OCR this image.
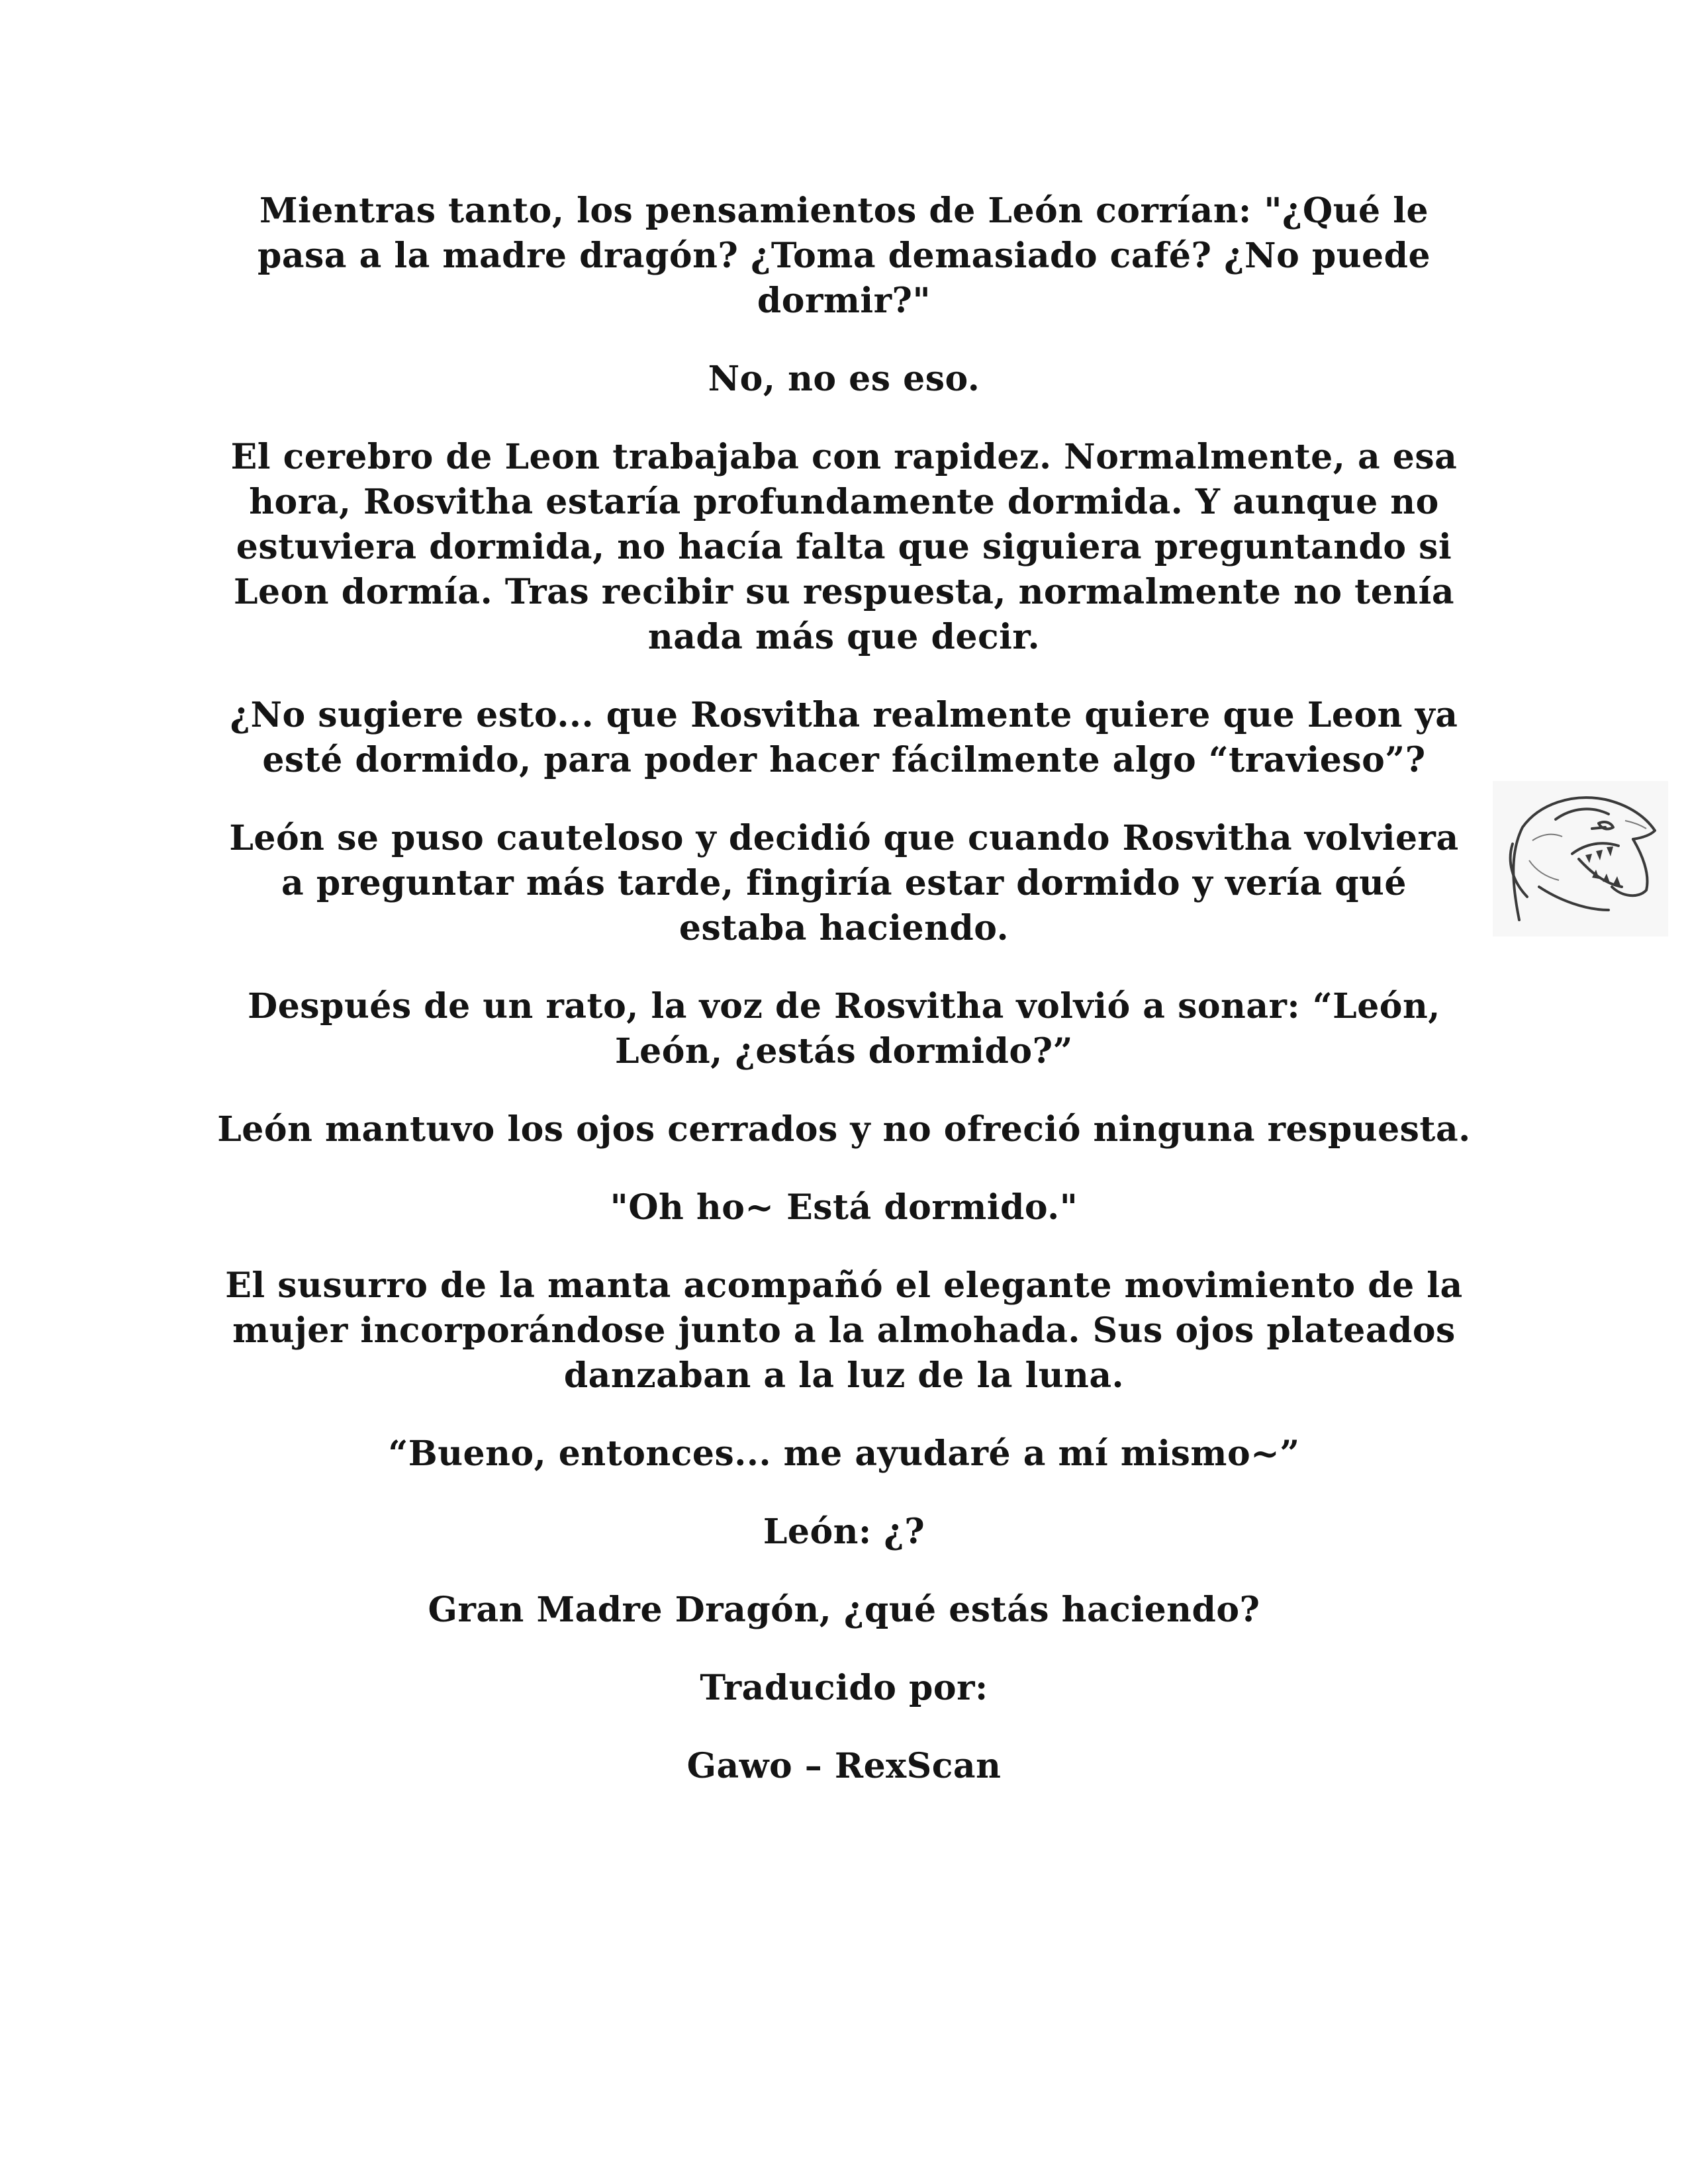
Mientras tanto, los pensamientos de León corrían: "¿Qué le pasa a la madre dragón? ¿Toma demasiado café? ¿No puede dormir?"

No, no es eso.

El cerebro de Leon trabajaba con rapidez. Normalmente, a esa hora, Rosvitha estaría profundamente dormida. Y aunque no estuviera dormida, no hacía falta que siguiera preguntando si Leon dormía. Tras recibir su respuesta, normalmente no tenía nada más que decir.

¿No sugiere esto... que Rosvitha realmente quiere que Leon ya esté dormido, para poder hacer fácilmente algo “travieso”?

León se puso cauteloso y decidió que cuando Rosvitha volviera a preguntar más tarde, fingiría estar dormido y vería qué estaba haciendo.

Después de un rato, la voz de Rosvitha volvió a sonar: “León, León, ¿estás dormido?”

León mantuvo los ojos cerrados y no ofreció ninguna respuesta.

"Oh ho~ Está dormido."

El susurro de la manta acompañó el elegante movimiento de la mujer incorporándose junto a la almohada. Sus ojos plateados danzaban a la luz de la luna.

“Bueno, entonces... me ayudaré a mí mismo~”

León: ¿?

Gran Madre Dragón, ¿qué estás haciendo?

Traducido por:

Gawo – RexScan
